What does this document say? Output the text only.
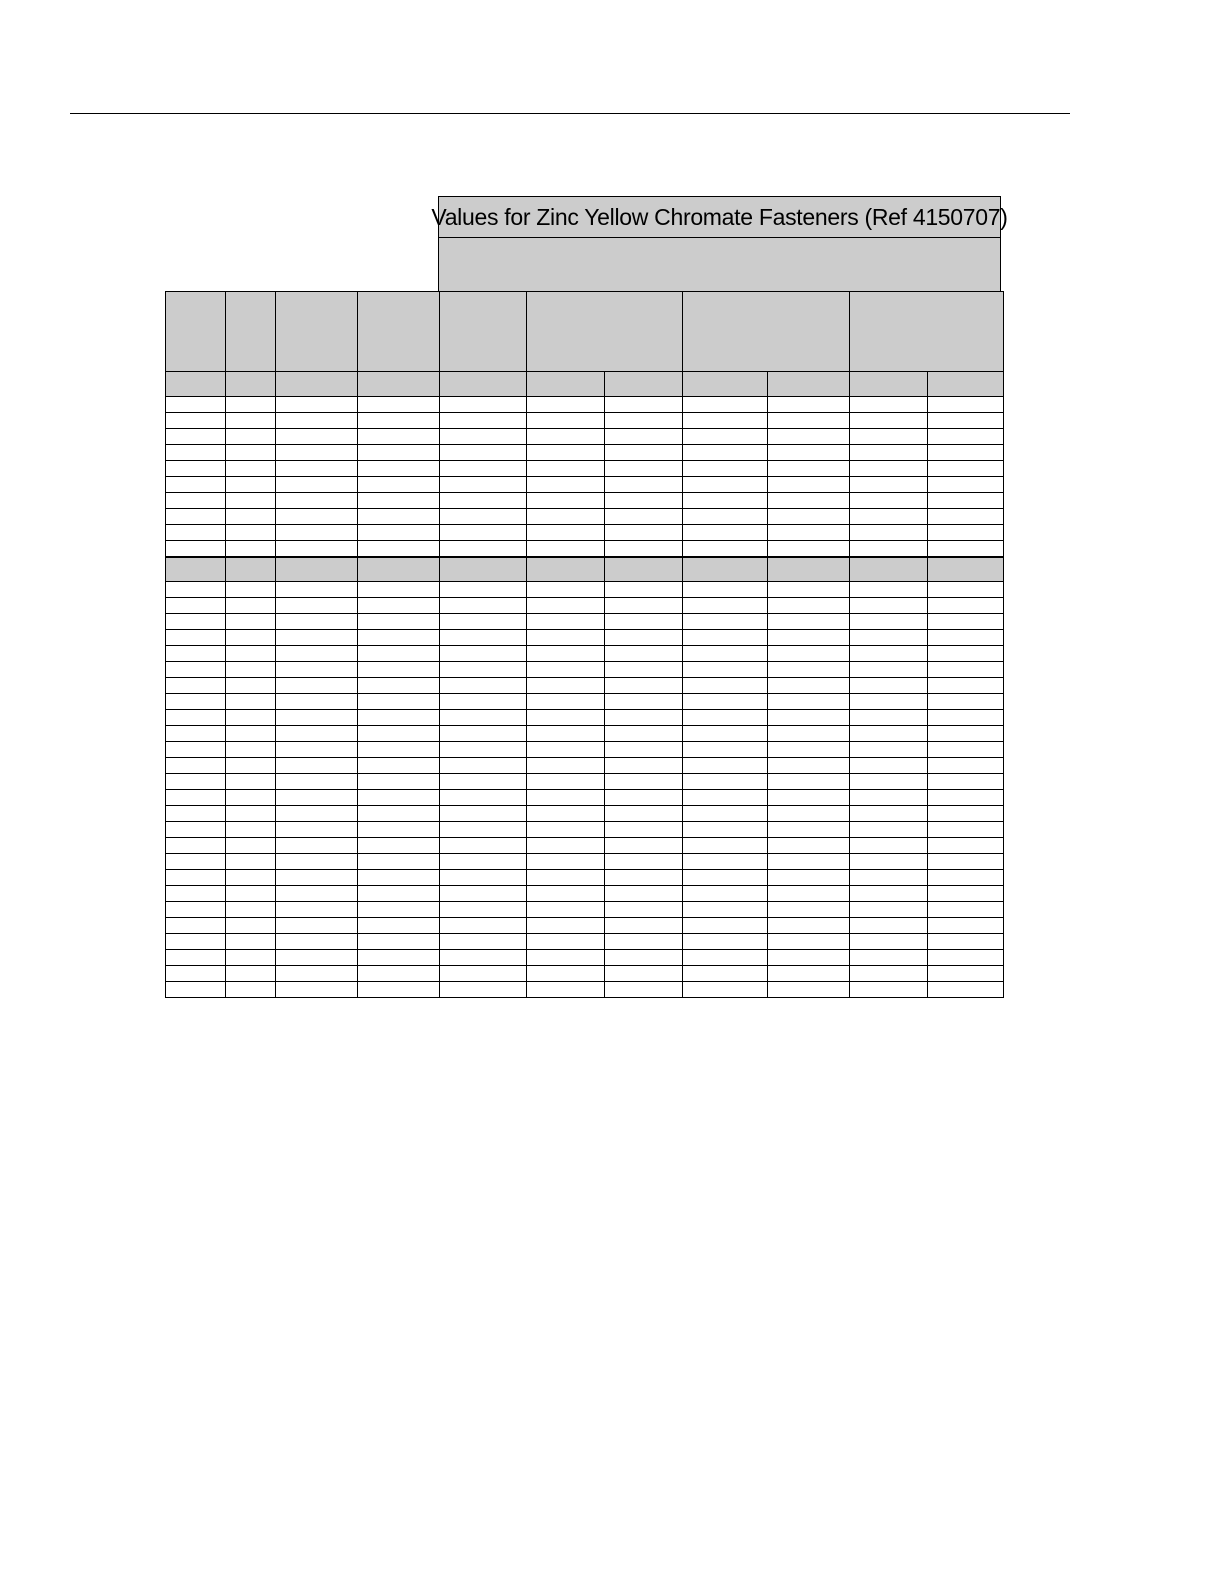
Values for Zinc Yellow Chromate Fasteners (Ref 4150707)
